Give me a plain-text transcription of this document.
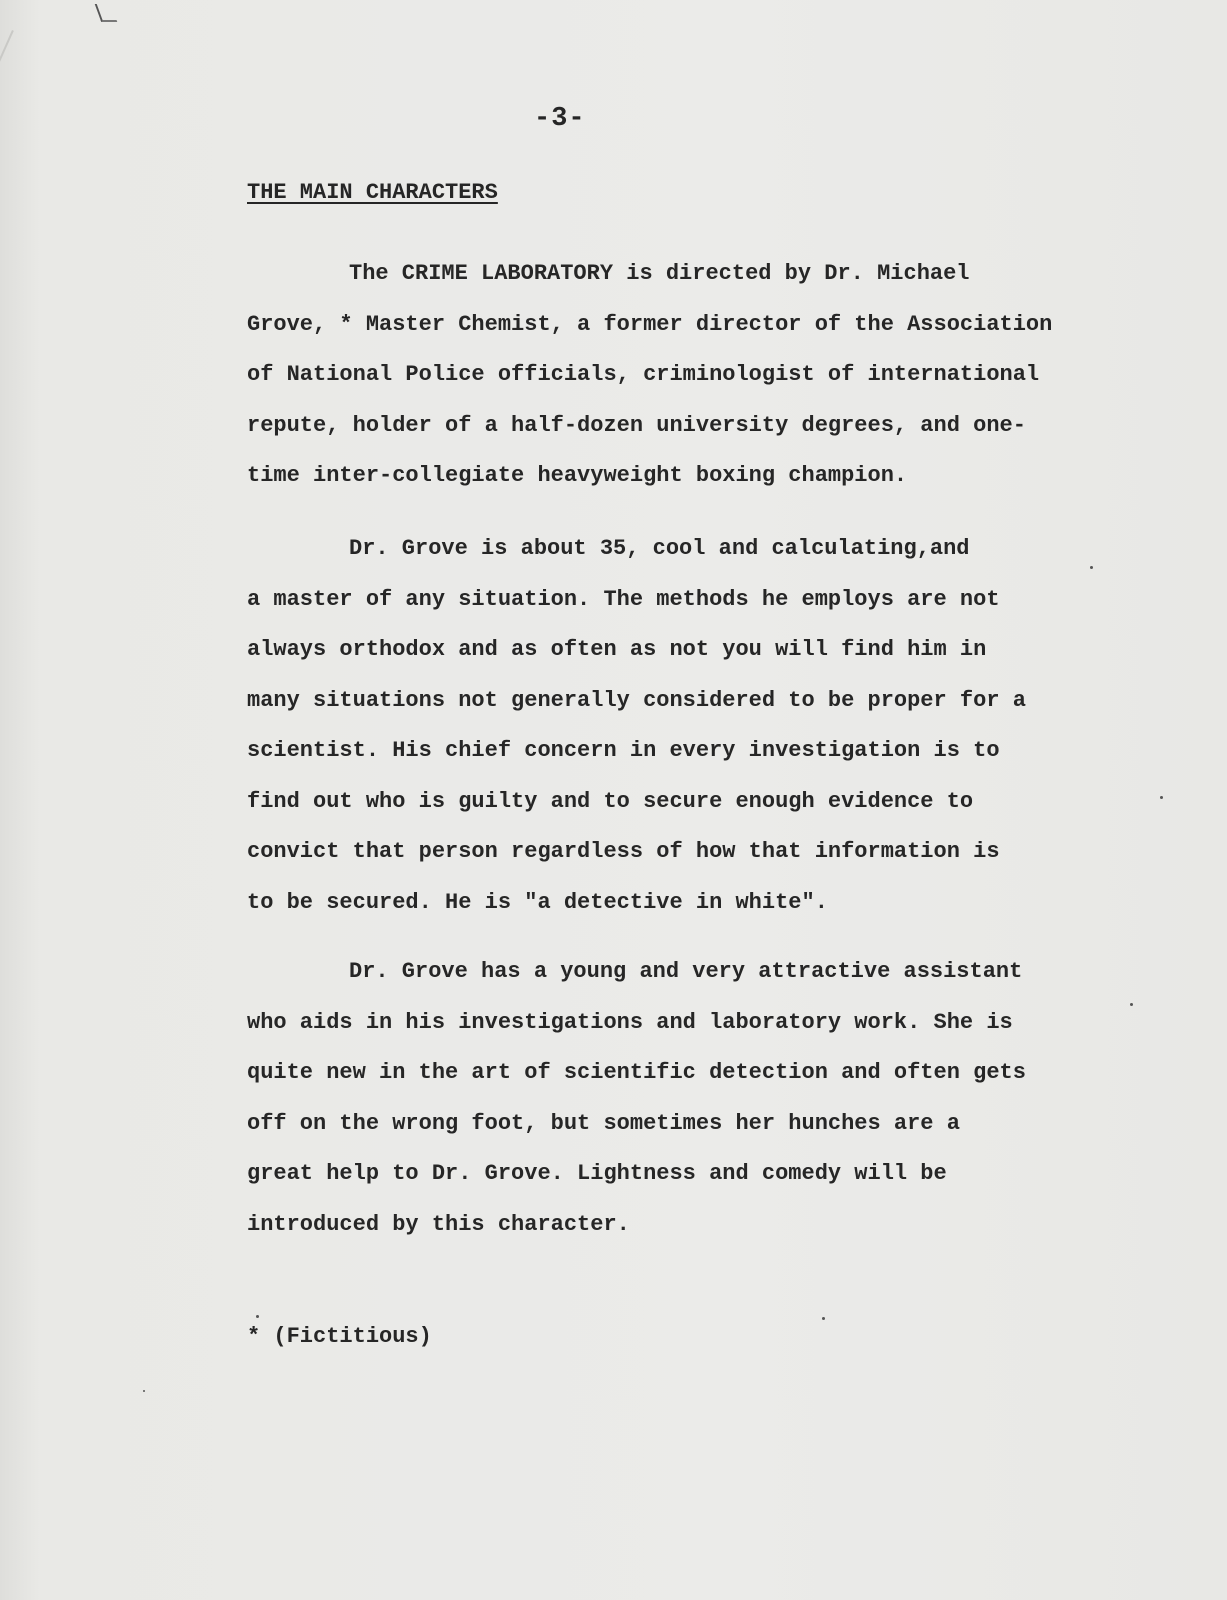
-3-
THE MAIN CHARACTERS
The CRIME LABORATORY is directed by Dr. Michael
Grove, * Master Chemist, a former director of the Association
of National Police officials, criminologist of international
repute, holder of a half-dozen university degrees, and one-
time inter-collegiate heavyweight boxing champion.
Dr. Grove is about 35, cool and calculating,and
a master of any situation. The methods he employs are not
always orthodox and as often as not you will find him in
many situations not generally considered to be proper for a
scientist. His chief concern in every investigation is to
find out who is guilty and to secure enough evidence to
convict that person regardless of how that information is
to be secured. He is "a detective in white".
Dr. Grove has a young and very attractive assistant
who aids in his investigations and laboratory work. She is
quite new in the art of scientific detection and often gets
off on the wrong foot, but sometimes her hunches are a
great help to Dr. Grove. Lightness and comedy will be
introduced by this character.
* (Fictitious)
